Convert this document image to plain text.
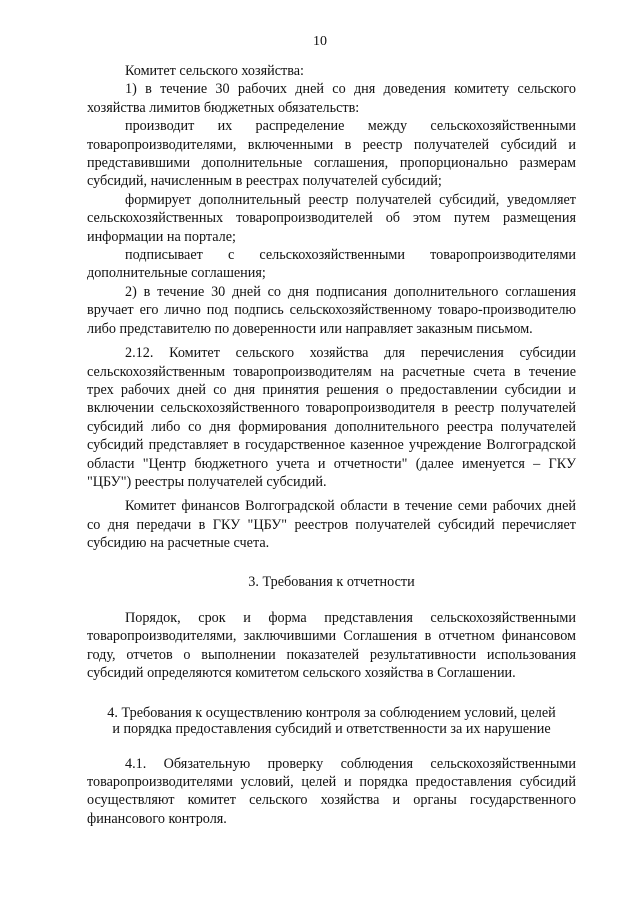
10

Комитет сельского хозяйства:

1) в течение 30 рабочих дней со дня доведения комитету сельского хозяйства лимитов бюджетных обязательств:

производит их распределение между сельскохозяйственными товаропроизводителями, включенными в реестр получателей субсидий и представившими дополнительные соглашения, пропорционально размерам субсидий, начисленным в реестрах получателей субсидий;

формирует дополнительный реестр получателей субсидий, уведомляет сельскохозяйственных товаропроизводителей об этом путем размещения информации на портале;

подписывает с сельскохозяйственными товаропроизводителями дополнительные соглашения;

2) в течение 30 дней со дня подписания дополнительного соглашения вручает его лично под подпись сельскохозяйственному товаро-производителю либо представителю по доверенности или направляет заказным письмом.

2.12. Комитет сельского хозяйства для перечисления субсидии сельскохозяйственным товаропроизводителям на расчетные счета в течение трех рабочих дней со дня принятия решения о предоставлении субсидии и включении сельскохозяйственного товаропроизводителя в реестр получателей субсидий либо со дня формирования дополнительного реестра получателей субсидий представляет в государственное казенное учреждение Волгоградской области "Центр бюджетного учета и отчетности" (далее именуется – ГКУ "ЦБУ") реестры получателей субсидий.

Комитет финансов Волгоградской области в течение семи рабочих дней со дня передачи в ГКУ "ЦБУ" реестров получателей субсидий перечисляет субсидию на расчетные счета.

3. Требования к отчетности

Порядок, срок и форма представления сельскохозяйственными товаропроизводителями, заключившими Соглашения в отчетном финансовом году, отчетов о выполнении показателей результативности использования субсидий определяются комитетом сельского хозяйства в Соглашении.

4. Требования к осуществлению контроля за соблюдением условий, целей
и порядка предоставления субсидий и ответственности за их нарушение

4.1. Обязательную проверку соблюдения сельскохозяйственными товаропроизводителями условий, целей и порядка предоставления субсидий осуществляют комитет сельского хозяйства и органы государственного финансового контроля.
